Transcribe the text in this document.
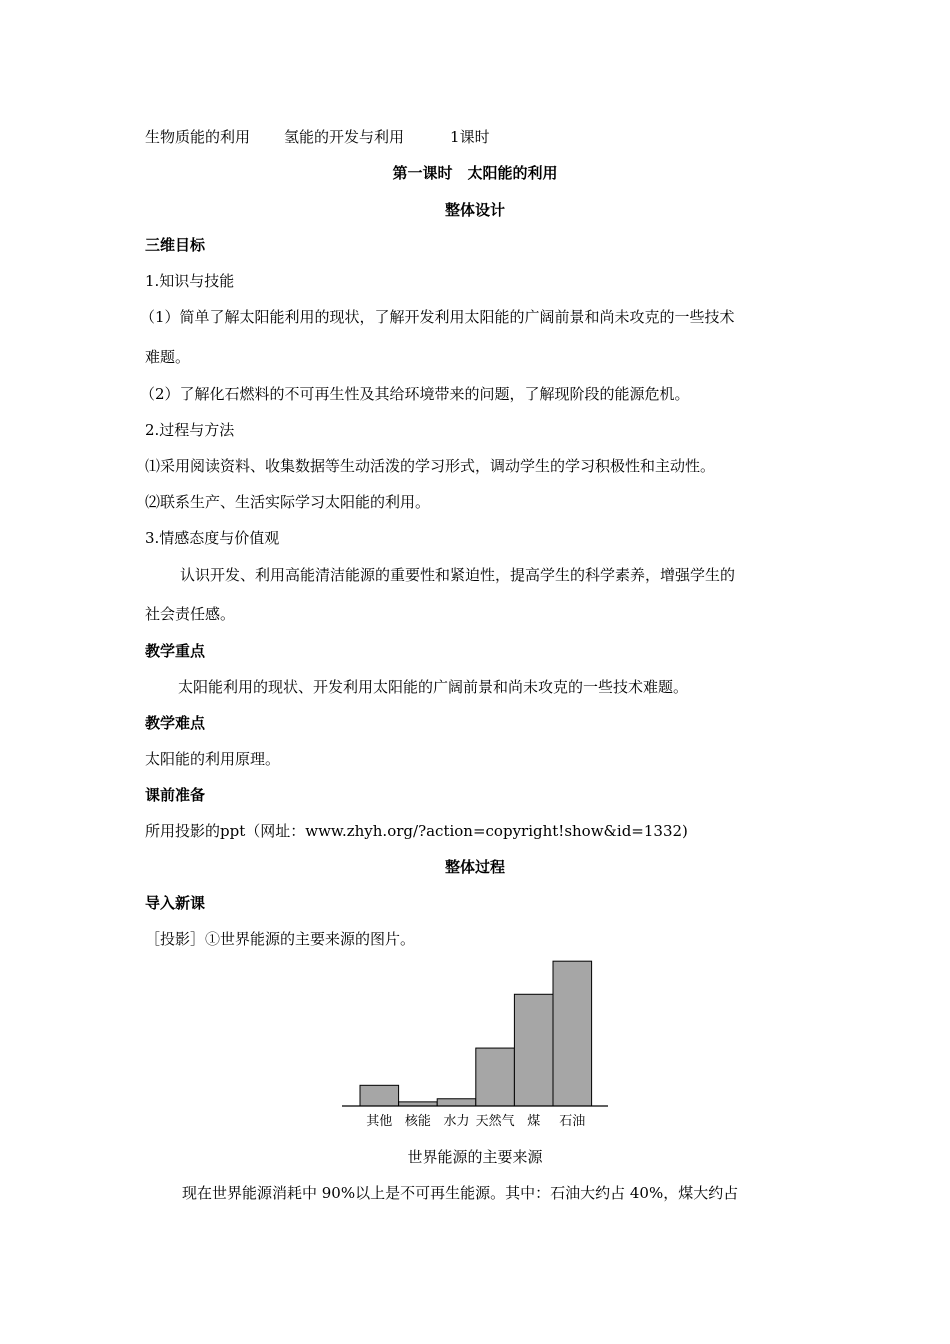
生物质能的利用 氢能的开发与利用	1课时
第一课时　太阳能的利用
整体设计
三维目标
1.知识与技能
（1）简单了解太阳能利用的现状，了解开发利用太阳能的广阔前景和尚未攻克的一些技术
难题。
（2）了解化石燃料的不可再生性及其给环境带来的问题，了解现阶段的能源危机。
2.过程与方法
⑴采用阅读资料、收集数据等生动活泼的学习形式，调动学生的学习积极性和主动性。
⑵联系生产、生活实际学习太阳能的利用。
3.情感态度与价值观
认识开发、利用高能清洁能源的重要性和紧迫性，提高学生的科学素养，增强学生的
社会责任感。
教学重点
太阳能利用的现状、开发利用太阳能的广阔前景和尚未攻克的一些技术难题。
教学难点
太阳能的利用原理。
课前准备
所用投影的ppt（网址：www.zhyh.org/?action=copyright!show&id=1332)
整体过程
导入新课
［投影］①世界能源的主要来源的图片。
其他 核能 水力 天然气 煤 石油
世界能源的主要来源
现在世界能源消耗中 90%以上是不可再生能源。其中：石油大约占 40%，煤大约占
